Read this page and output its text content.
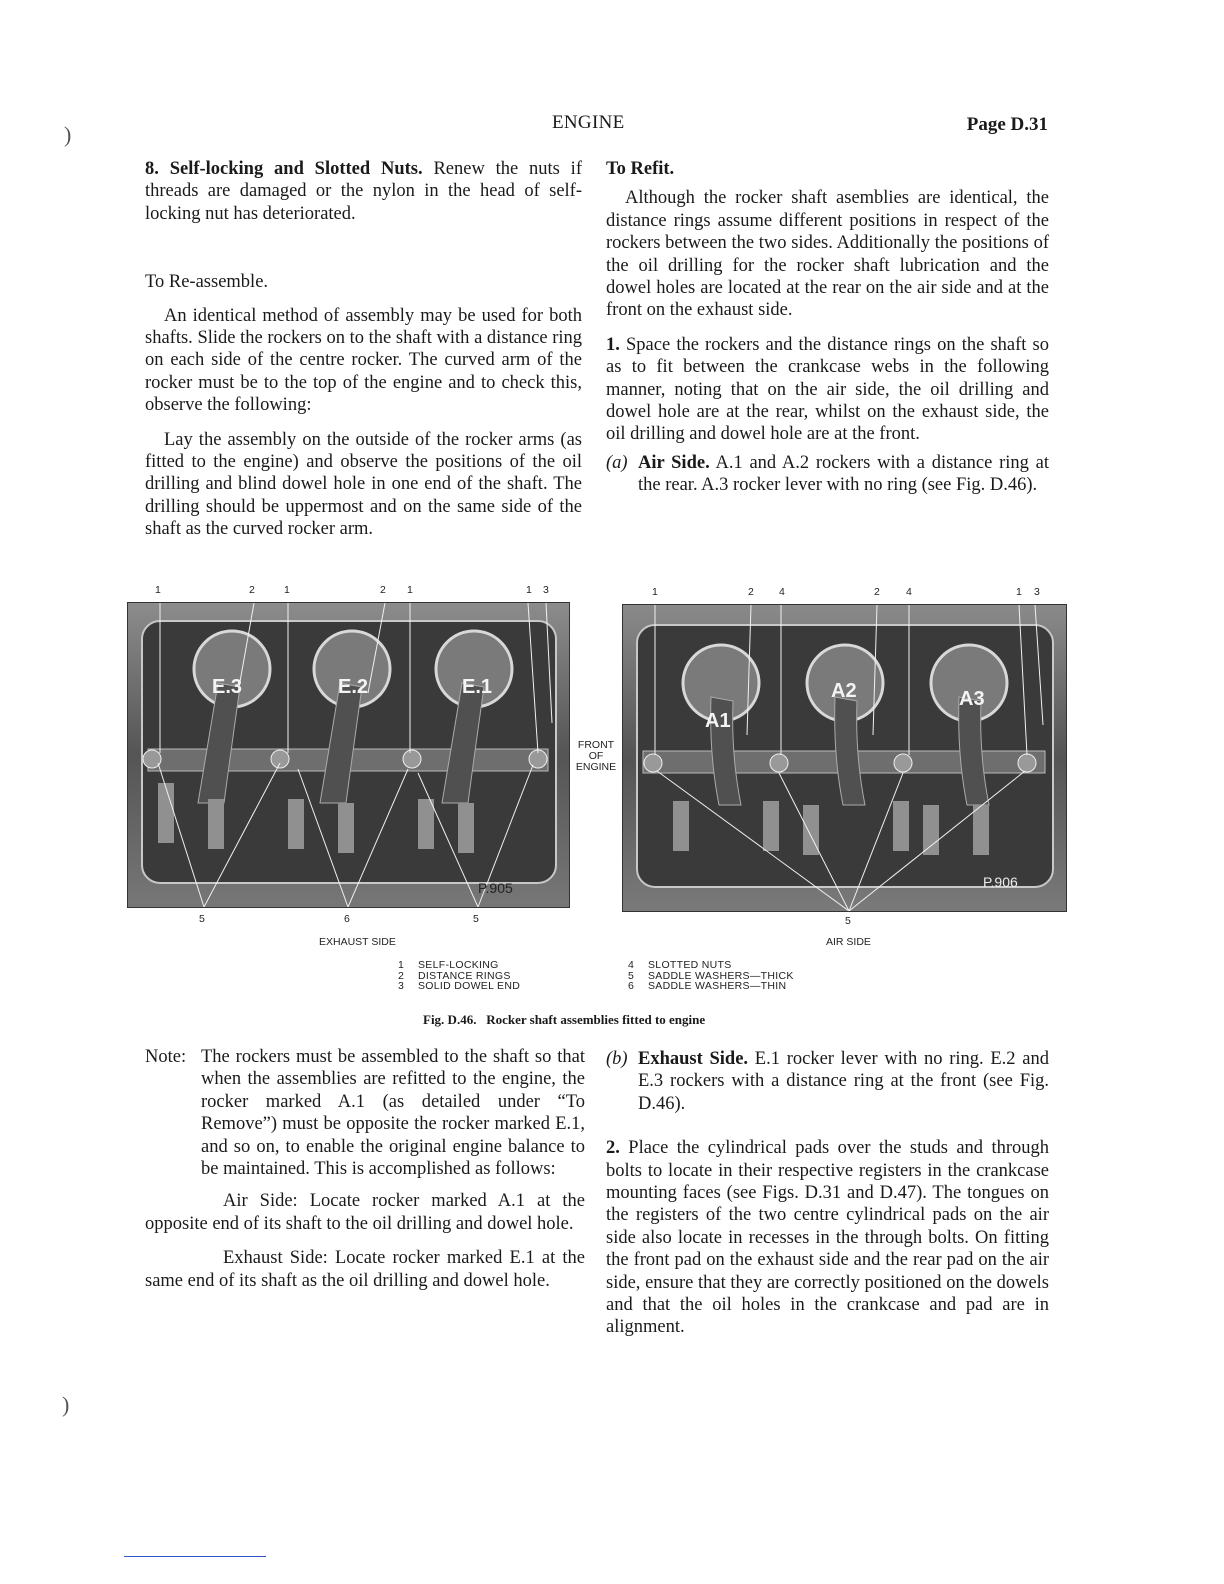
ENGINE	Page D.31
)
)

8. Self-locking and Slotted Nuts. Renew the nuts if threads are damaged or the nylon in the head of self-locking nut has deteriorated.

To Re-assemble.

An identical method of assembly may be used for both shafts. Slide the rockers on to the shaft with a distance ring on each side of the centre rocker. The curved arm of the rocker must be to the top of the engine and to check this, observe the following:

Lay the assembly on the outside of the rocker arms (as fitted to the engine) and observe the positions of the oil drilling and blind dowel hole in one end of the shaft. The drilling should be uppermost and on the same side of the shaft as the curved rocker arm.

To Refit.

Although the rocker shaft asemblies are identical, the distance rings assume different positions in respect of the rockers between the two sides. Additionally the positions of the oil drilling for the rocker shaft lubrication and the dowel holes are located at the rear on the air side and at the front on the exhaust side.

1. Space the rockers and the distance rings on the shaft so as to fit between the crankcase webs in the following manner, noting that on the air side, the oil drilling and dowel hole are at the rear, whilst on the exhaust side, the oil drilling and dowel hole are at the front.

(a) Air Side. A.1 and A.2 rockers with a distance ring at the rear. A.3 rocker lever with no ring (see Fig. D.46).

1	2	1	2 1	1 3	1	2 4	2 4	1 3
E.3	E.2	E.1
P.905
FRONT
OF
ENGINE
A1
A2	A3
P.906
5	6	5	5
EXHAUST SIDE	AIR SIDE
1 SELF-LOCKING
2 DISTANCE RINGS
3 SOLID DOWEL END
4 SLOTTED NUTS
5 SADDLE WASHERS—THICK
6 SADDLE WASHERS—THIN
Fig. D.46. Rocker shaft assemblies fitted to engine
Note: The rockers must be assembled to the shaft so that when the assemblies are refitted to the engine, the rocker marked A.1 (as detailed under “To Remove”) must be opposite the rocker marked E.1, and so on, to enable the original engine balance to be maintained. This is accomplished as follows:

Air Side: Locate rocker marked A.1 at the opposite end of its shaft to the oil drilling and dowel hole.

Exhaust Side: Locate rocker marked E.1 at the same end of its shaft as the oil drilling and dowel hole.

(b) Exhaust Side. E.1 rocker lever with no ring. E.2 and E.3 rockers with a distance ring at the front (see Fig. D.46).

2. Place the cylindrical pads over the studs and through bolts to locate in their respective registers in the crankcase mounting faces (see Figs. D.31 and D.47). The tongues on the registers of the two centre cylindrical pads on the air side also locate in recesses in the through bolts. On fitting the front pad on the exhaust side and the rear pad on the air side, ensure that they are correctly positioned on the dowels and that the oil holes in the crankcase and pad are in alignment.
